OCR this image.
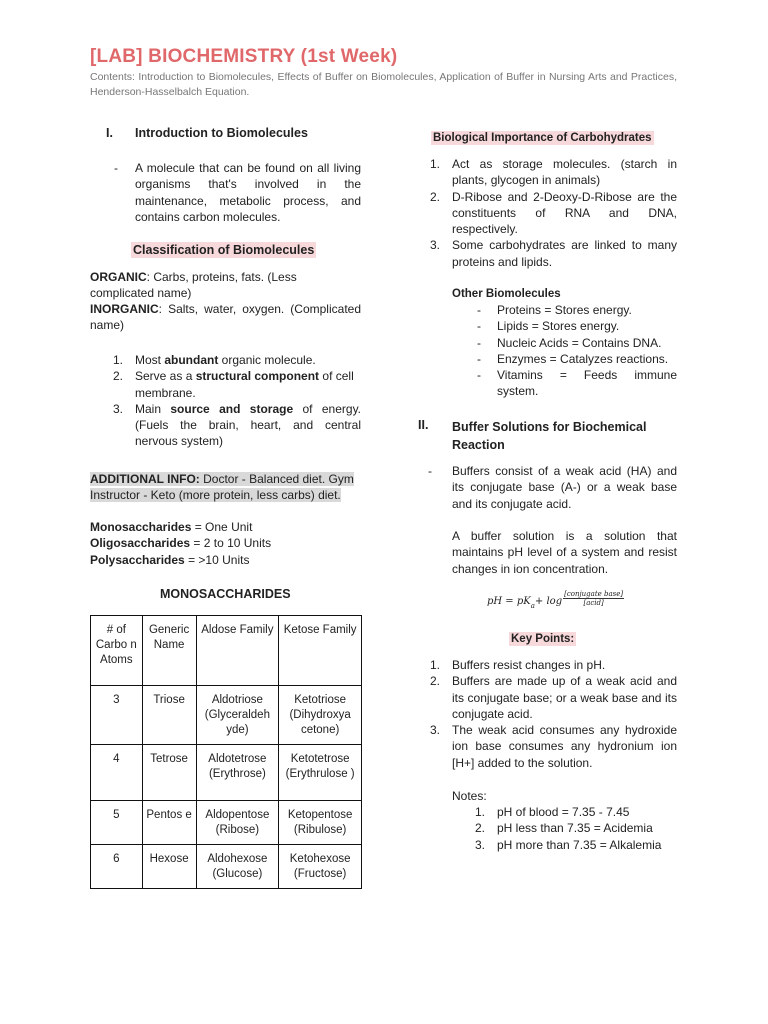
[LAB] BIOCHEMISTRY (1st Week)
Contents: Introduction to Biomolecules, Effects of Buffer on Biomolecules, Application of Buffer in Nursing Arts and Practices, Henderson-Hasselbalch Equation.
I. Introduction to Biomolecules
- A molecule that can be found on all living organisms that's involved in the maintenance, metabolic process, and contains carbon molecules.

Classification of Biomolecules

ORGANIC: Carbs, proteins, fats. (Less complicated name)

INORGANIC: Salts, water, oxygen. (Complicated name)

1. Most abundant organic molecule.
2. Serve as a structural component of cell membrane.
3. Main source and storage of energy. (Fuels the brain, heart, and central nervous system)

ADDITIONAL INFO: Doctor - Balanced diet. Gym Instructor - Keto (more protein, less carbs) diet.

Monosaccharides = One Unit

Oligosaccharides = 2 to 10 Units

Polysaccharides = >10 Units

MONOSACCHARIDES
# of Carbo n Atoms	Generic Name	Aldose Family	Ketose Family
3	Triose	Aldotriose (Glyceraldeh yde)	Ketotriose (Dihydroxya cetone)
4	Tetrose	Aldotetrose (Erythrose)	Ketotetrose (Erythrulose )
5	Pentos e	Aldopentose (Ribose)	Ketopentose (Ribulose)
6	Hexose	Aldohexose (Glucose)	Ketohexose (Fructose)
Biological Importance of Carbohydrates
1. Act as storage molecules. (starch in plants, glycogen in animals)
2. D-Ribose and 2-Deoxy-D-Ribose are the constituents of RNA and DNA, respectively.
3. Some carbohydrates are linked to many proteins and lipids.
Other Biomolecules
- Proteins = Stores energy.
- Lipids = Stores energy.
- Nucleic Acids = Contains DNA.
- Enzymes = Catalyzes reactions.
- Vitamins = Feeds immune system.
II. Buffer Solutions for Biochemical Reaction
- Buffers consist of a weak acid (HA) and its conjugate base (A-) or a weak base and its conjugate acid.

A buffer solution is a solution that maintains pH level of a system and resist changes in ion concentration.

pH = $pK_a + \log$
[conjugate base]
[acid]
Key Points:
1. Buffers resist changes in pH.
2. Buffers are made up of a weak acid and its conjugate base; or a weak base and its conjugate acid.
3. The weak acid consumes any hydroxide ion base consumes any hydronium ion [H+] added to the solution.
Notes:
1. pH of blood = 7.35 - 7.45
2. pH less than 7.35 = Acidemia
3. pH more than 7.35 = Alkalemia
